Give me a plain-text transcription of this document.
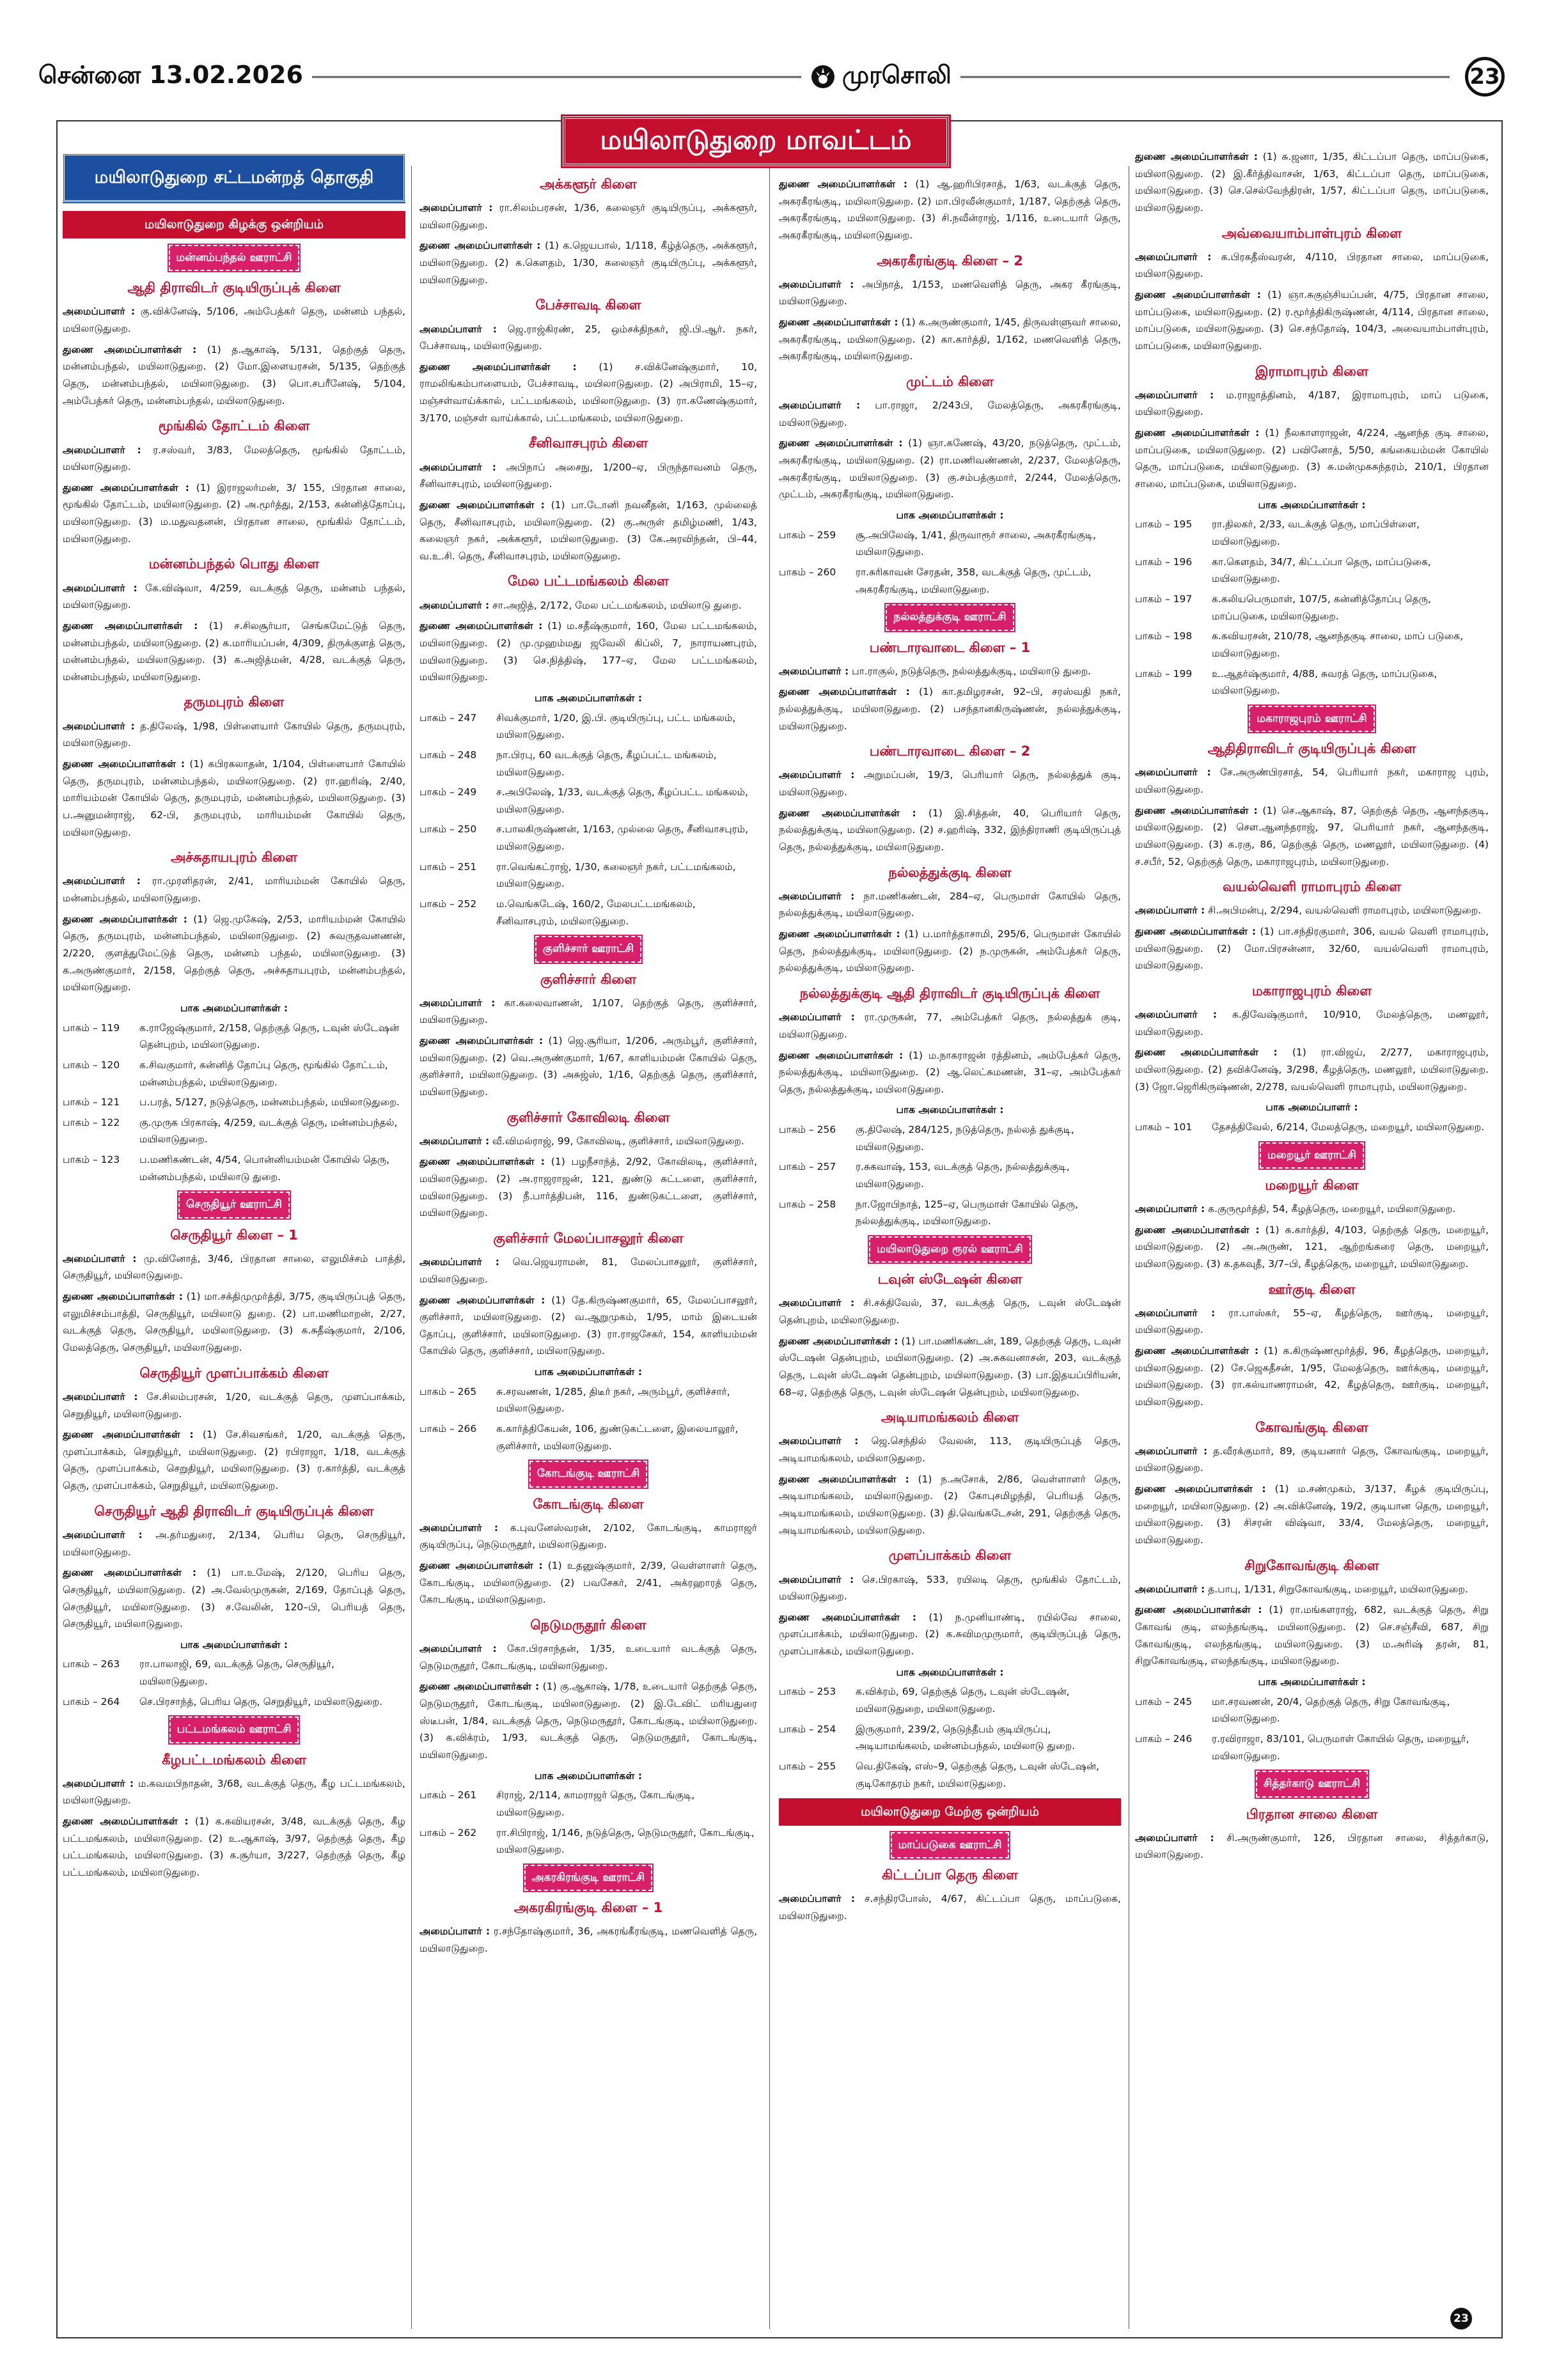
சென்னை 13.02.2026	முரசொலி	23
மயிலாடுதுறை மாவட்டம்
மயிலாடுதுறை சட்டமன்றத் தொகுதி
மயிலாடுதுறை கிழக்கு ஒன்றியம்
மன்னம்பந்தல் ஊராட்சி
ஆதி திராவிடர் குடியிருப்புக் கிளை
அமைப்பாளர் : கு.விக்னேஷ், 5/106, அம்பேத்கர் தெரு, மன்னம் பந்தல், மயிலாடுதுறை.
துணை அமைப்பாளர்கள் : (1) த.ஆகாஷ், 5/131, தெற்குத் தெரு, மன்னம்பந்தல், மயிலாடுதுறை. (2) மோ.இளையரசன், 5/135, தெற்குத் தெரு, மன்னம்பந்தல், மயிலாடுதுறை. (3) பொ.சபரீனேஷ், 5/104, அம்பேத்கர் தெரு, மன்னம்பந்தல், மயிலாடுதுறை.
மூங்கில் தோட்டம் கிளை
அமைப்பாளர் : ர.சஸ்வர், 3/83, மேலத்தெரு, மூங்கில் தோட்டம், மயிலாடுதுறை.
துணை அமைப்பாளர்கள் : (1) இராஜலர்மன், 3/ 155, பிரதான சாலை, மூங்கில் தோட்டம், மயிலாடுதுறை. (2) அ.மூர்த்து, 2/153, கன்னித்தோப்பு, மயிலாடுதுறை. (3) ம.மதுவதனன், பிரதான சாலை, மூங்கில் தோட்டம், மயிலாடுதுறை.
மன்னம்பந்தல் பொது கிளை
அமைப்பாளர் : கே.விஷ்வா, 4/259, வடக்குத் தெரு, மன்னம் பந்தல், மயிலாடுதுறை.
துணை அமைப்பாளர்கள் : (1) ச.சிலசூர்யா, செங்கமேட்டுத் தெரு, மன்னம்பந்தல், மயிலாடுதுறை. (2) க.மாரியப்பன், 4/309, திருக்குளத் தெரு, மன்னம்பந்தல், மயிலாடுதுறை. (3) க.அஜித்மன், 4/28, வடக்குத் தெரு, மன்னம்பந்தல், மயிலாடுதுறை.
தருமபுரம் கிளை
அமைப்பாளர் : த.திலேஷ், 1/98, பிள்ளையார் கோயில் தெரு, தருமபுரம், மயிலாடுதுறை.
துணை அமைப்பாளர்கள் : (1) கபிரகலாதன், 1/104, பிள்ளையார் கோயில் தெரு, தருமபுரம், மன்னம்பந்தல், மயிலாடுதுறை. (2) ரா.ஹரிஷ், 2/40, மாரியம்மன் கோயில் தெரு, தருமபுரம், மன்னம்பந்தல், மயிலாடுதுறை. (3) ப.அனுமன்ராஜ், 62-பி, தருமபுரம், மாரியம்மன் கோயில் தெரு, மயிலாடுதுறை.
அச்சுதாயபுரம் கிளை
அமைப்பாளர் : ரா.முரளிதரன், 2/41, மாரியம்மன் கோயில் தெரு, மன்னம்பந்தல், மயிலாடுதுறை.
துணை அமைப்பாளர்கள் : (1) ஜெ.முகேஷ், 2/53, மாரியம்மன் கோயில் தெரு, தருமபுரம், மன்னம்பந்தல், மயிலாடுதுறை. (2) சுவருதவனணன், 2/220, குளத்துமேட்டுத் தெரு, மன்னம் பந்தல், மயிலாடுதுறை. (3) க.அருண்குமார், 2/158, தெற்குத் தெரு, அச்சுதாயபுரம், மன்னம்பந்தல், மயிலாடுதுறை.
பாக அமைப்பாளர்கள் :
பாகம் – 119	க.ராஜேஷ்குமார், 2/158, தெற்குத் தெரு, டவுன் ஸ்டேஷன் தென்புறம், மயிலாடுதுறை.
பாகம் – 120	க.சிவகுமார், கன்னித் தோப்பு தெரு, மூங்கில் தோட்டம், மன்னம்பந்தல், மயிலாடுதுறை.
பாகம் – 121	ப.பரத், 5/127, நடுத்தெரு, மன்னம்பந்தல், மயிலாடுதுறை.
பாகம் – 122	கு.முருக பிரகாஷ், 4/259, வடக்குத் தெரு, மன்னம்பந்தல், மயிலாடுதுறை.
பாகம் – 123	ப.மணிகண்டன், 4/54, பொன்னியம்மன் கோயில் தெரு, மன்னம்பந்தல், மயிலாடு துறை.
செருதியூர் ஊராட்சி
செருதியூர் கிளை – 1
அமைப்பாளர் : மு.வினோத், 3/46, பிரதான சாலை, எலுமிச்சம் பாத்தி, செருதியூர், மயிலாடுதுறை.
துணை அமைப்பாளர்கள் : (1) மா.சக்திமுமுர்த்தி, 3/75, குடியிருப்புத் தெரு, எலுமிச்சம்பாத்தி, செருதியூர், மயிலாடு துறை. (2) பா.மணிமாறன், 2/27, வடக்குத் தெரு, செருதியூர், மயிலாடுதுறை. (3) க.சுதீஷ்குமார், 2/106, மேலத்தெரு, செருதியூர், மயிலாடுதுறை.
செருதியூர் முளப்பாக்கம் கிளை
அமைப்பாளர் : சே.சிலம்பரசன், 1/20, வடக்குத் தெரு, முளப்பாக்கம், செறுதியூர், மயிலாடுதுறை.
துணை அமைப்பாளர்கள் : (1) சே.சிவசங்கர், 1/20, வடக்குத் தெரு, முளப்பாக்கம், செறுதியூர், மயிலாடுதுறை. (2) ரபிராஜா, 1/18, வடக்குத் தெரு, முளப்பாக்கம், செறுதியூர், மயிலாடுதுறை. (3) ர.கார்த்தி, வடக்குத் தெரு, முளப்பாக்கம், செறுதியூர், மயிலாடுதுறை.
செருதியூர் ஆதி திராவிடர் குடியிருப்புக் கிளை
அமைப்பாளர் : அ.தர்மதுரை, 2/134, பெரிய தெரு, செருதியூர், மயிலாடுதுறை.
துணை அமைப்பாளர்கள் : (1) பா.உமேஷ், 2/120, பெரிய தெரு, செருதியூர், மயிலாடுதுறை. (2) அ.வேல்முருகன், 2/169, தோப்புத் தெரு, செருதியூர், மயிலாடுதுறை. (3) ச.வேலின், 120–பி, பெரியத் தெரு, செருதியூர், மயிலாடுதுறை.
பாக அமைப்பாளர்கள் :
பாகம் – 263	ரா.பாலாஜி, 69, வடக்குத் தெரு, செருதியூர், மயிலாடுதுறை.
பாகம் – 264	செ.பிரசாந்த், பெரிய தெரு, செறுதியூர், மயிலாடுதுறை.
பட்டமங்கலம் ஊராட்சி
கீழபட்டமங்கலம் கிளை
அமைப்பாளர் : ம.கவமபிநாதன், 3/68, வடக்குத் தெரு, கீழ பட்டமங்கலம், மயிலாடுதுறை.
துணை அமைப்பாளர்கள் : (1) க.கவியரசன், 3/48, வடக்குத் தெரு, கீழ பட்டமங்கலம், மயிலாடுதுறை. (2) உ.ஆகாஷ், 3/97, தெற்குத் தெரு, கீழ பட்டமங்கலம், மயிலாடுதுறை. (3) க.சூர்யா, 3/227, தெற்குத் தெரு, கீழ பட்டமங்கலம், மயிலாடுதுறை.
அக்களூர் கிளை
அமைப்பாளர் : ரா.சிலம்பரசன், 1/36, கலைஞர் குடியிருப்பு, அக்களூர், மயிலாடுதுறை.
துணை அமைப்பாளர்கள் : (1) க.ஜெயபால், 1/118, கீழ்த்தெரு, அக்களூர், மயிலாடுதுறை. (2) க.கௌதம், 1/30, கலைஞர் குடியிருப்பு, அக்களூர், மயிலாடுதுறை.
பேச்சாவடி கிளை
அமைப்பாளர் : ஜெ.ராஜ்கிரண், 25, ஒம்சக்திநகர், ஜி.பி.ஆர். நகர், பேச்சாவடி, மயிலாடுதுறை.
துணை அமைப்பாளர்கள் : (1) ச.விக்னேஷ்குமார், 10, ராமலிங்கம்பாளையம், பேச்சாவடி, மயிலாடுதுறை. (2) அபிராமி, 15–ஏ, மஞ்சள்வாய்க்கால், பட்டமங்கலம், மயிலாடுதுறை. (3) ரா.கணேஷ்குமார், 3/170, மஞ்சள் வாய்க்கால், பட்டமங்கலம், மயிலாடுதுறை.
சீனிவாசபுரம் கிளை
அமைப்பாளர் : அபிநாப் அசைநு, 1/200–ஏ, பிருந்தாவனம் தெரு, சீனிவாசபுரம், மயிலாடுதுறை.
துணை அமைப்பாளர்கள் : (1) பா.டோனி நவனீதன், 1/163, முல்லைத் தெரு, சீனிவாசபுரம், மயிலாடுதுறை. (2) கு.அருள் தமிழ்மணி, 1/43, கலைஞர் நகர், அக்களூர், மயிலாடுதுறை. (3) கே.அரவிந்தன், பி–44, வ.உ.சி. தெரு, சீனிவாசபுரம், மயிலாடுதுறை.
மேல பட்டமங்கலம் கிளை
அமைப்பாளர் : சா.அஜித், 2/172, மேல பட்டமங்கலம், மயிலாடு துறை.
துணை அமைப்பாளர்கள் : (1) ம.சதீஷ்குமார், 160, மேல பட்டமங்கலம், மயிலாடுதுறை. (2) மு.முஹம்மது ஜவேலி கிப்லி, 7, நாராயணபுரம், மயிலாடுதுறை. (3) செ.நித்திஷ், 177–ஏ, மேல பட்டமங்கலம், மயிலாடுதுறை.
பாக அமைப்பாளர்கள் :
பாகம் – 247	சிவக்குமார், 1/20, இ.பி. குடியிருப்பு, பட்ட மங்கலம், மயிலாடுதுறை.
பாகம் – 248	நா.பிரபு, 60 வடக்குத் தெரு, கீழப்பட்ட மங்கலம், மயிலாடுதுறை.
பாகம் – 249	ச.அபிலேஷ், 1/33, வடக்குத் தெரு, கீழப்பட்ட மங்கலம், மயிலாடுதுறை.
பாகம் – 250	ச.பாலகிருஷ்ணன், 1/163, முல்லை தெரு, சீனிவாசபுரம், மயிலாடுதுறை.
பாகம் – 251	ரா.வெங்கட்ராஜ், 1/30, கலைஞர் நகர், பட்டமங்கலம், மயிலாடுதுறை.
பாகம் – 252	ம.வெங்கடேஷ், 160/2, மேலபட்டமங்கலம், சீனிவாசபுரம், மயிலாடுதுறை.
குளிச்சார் ஊராட்சி
குளிச்சார் கிளை
அமைப்பாளர் : கா.கலைவாணன், 1/107, தெற்குத் தெரு, குளிச்சார், மயிலாடுதுறை.
துணை அமைப்பாளர்கள் : (1) ஜெ.சூரியா, 1/206, அரும்பூர், குளிச்சார், மயிலாடுதுறை. (2) வெ.அருண்குமார், 1/67, காளியம்மன் கோயில் தெரு, குளிச்சார், மயிலாடுதுறை. (3) அசுஜ்ஸ், 1/16, தெற்குத் தெரு, குளிச்சார், மயிலாடுதுறை.
குளிச்சார் கோவிலடி கிளை
அமைப்பாளர் : வீ.விமல்ராஜ், 99, கோவிலடி, குளிச்சார், மயிலாடுதுறை.
துணை அமைப்பாளர்கள் : (1) பழநீசாந்த், 2/92, கோவிலடி, குளிச்சார், மயிலாடுதுறை. (2) அ.ராஜராஜன், 121, துண்டு கட்டளை, குளிச்சார், மயிலாடுதுறை. (3) நீ.பார்த்திபன், 116, துண்டுகட்டளை, குளிச்சார், மயிலாடுதுறை.
குளிச்சார் மேலப்பாசலூர் கிளை
அமைப்பாளர் : வெ.ஜெயராமன், 81, மேலப்பாசலூர், குளிச்சார், மயிலாடுதுறை.
துணை அமைப்பாளர்கள் : (1) தே.கிருஷ்ணகுமார், 65, மேலப்பாசலூர், குளிச்சார், மயிலாடுதுறை. (2) வ.ஆறுமுகம், 1/95, மாம் இடையன் தோப்பு, குளிச்சார், மயிலாடுதுறை. (3) ரா.ராஜசேகர், 154, காளியம்மன் கோயில் தெரு, குளிச்சார், மயிலாடுதுறை.
பாக அமைப்பாளர்கள் :
பாகம் – 265	சு.சரவணன், 1/285, திடீர் நகர், அரும்பூர், குளிச்சார், மயிலாடுதுறை.
பாகம் – 266	க.கார்த்திகேயன், 106, துண்டுகட்டளை, இலையாலூர், குளிச்சார், மயிலாடுதுறை.
கோடங்குடி ஊராட்சி
கோடங்குடி கிளை
அமைப்பாளர் : க.புவனேஸ்வரன், 2/102, கோடங்குடி, காமராஜர் குடியிருப்பு, நெடுமருதூர், மயிலாடுதுறை.
துணை அமைப்பாளர்கள் : (1) உதனுஷ்குமார், 2/39, வெள்ளாளர் தெரு, கோடங்குடி, மயிலாடுதுறை. (2) பவசேகர், 2/41, அக்ரஹாரத் தெரு, கோடங்குடி, மயிலாடுதுறை.
நெடுமருதூர் கிளை
அமைப்பாளர் : கோ.பிரசாந்தன், 1/35, உடையார் வடக்குத் தெரு, நெடுமருதூர், கோடங்குடி, மயிலாடுதுறை.
துணை அமைப்பாளர்கள் : (1) கு.ஆகாஷ், 1/78, உடையார் தெற்குத் தெரு, நெடுமருதூர், கோடங்குடி, மயிலாடுதுறை. (2) இ.டேவிட் மரியதுரை ஸ்டீபன், 1/84, வடக்குத் தெரு, நெடுமருதூர், கோடங்குடி, மயிலாடுதுறை. (3) க.விக்ரம், 1/93, வடக்குத் தெரு, நெடுமருதூர், கோடங்குடி, மயிலாடுதுறை.
பாக அமைப்பாளர்கள் :
பாகம் – 261	சிராஜ், 2/114, காமராஜர் தெரு, கோடங்குடி, மயிலாடுதுறை.
பாகம் – 262	ரா.சிபிராஜ், 1/146, நடுத்தெரு, நெடுமருதூர், கோடங்குடி, மயிலாடுதுறை.
அகரகிரங்குடி ஊராட்சி
அகரகிரங்குடி கிளை – 1
அமைப்பாளர் : ர.சந்தோஷ்குமார், 36, அகரங்கீரங்குடி, மணவெளித் தெரு, மயிலாடுதுறை.
துணை அமைப்பாளர்கள் : (1) ஆ.ஹரிபிரசாத், 1/63, வடக்குத் தெரு, அகரகீரங்குடி, மயிலாடுதுறை. (2) மா.பிரவீன்குமார், 1/187, தெற்குத் தெரு, அகரகீரங்குடி, மயிலாடுதுறை. (3) சி.நவீன்ராஜ், 1/116, உடையார் தெரு, அகரகீரங்குடி, மயிலாடுதுறை.
அகரகீரங்குடி கிளை – 2
அமைப்பாளர் : அபிநாத், 1/153, மணவெளித் தெரு, அகர கீரங்குடி, மயிலாடுதுறை.
துணை அமைப்பாளர்கள் : (1) க.அருண்குமார், 1/45, திருவள்ளுவர் சாலை, அகரகீரங்குடி, மயிலாடுதுறை. (2) கா.கார்த்தி, 1/162, மணவெளித் தெரு, அகரகீரங்குடி, மயிலாடுதுறை.
முட்டம் கிளை
அமைப்பாளர் : பா.ராஜா, 2/243பி, மேலத்தெரு, அகரகீரங்குடி, மயிலாடுதுறை.
துணை அமைப்பாளர்கள் : (1) ஞா.கணேஷ், 43/20, நடுத்தெரு, முட்டம், அகரகீரங்குடி, மயிலாடுதுறை. (2) ரா.மணிவண்ணன், 2/237, மேலத்தெரு, அகரகீரங்குடி, மயிலாடுதுறை. (3) கு.சம்பத்குமார், 2/244, மேலத்தெரு, முட்டம், அகரகீரங்குடி, மயிலாடுதுறை.
பாக அமைப்பாளர்கள் :
பாகம் – 259	சூ.அபிலேஷ், 1/41, திருவாரூர் சாலை, அகரகீரங்குடி, மயிலாடுதுறை.
பாகம் – 260	ரா.சுரிகாவன் சேரதன், 358, வடக்குத் தெரு, முட்டம், அகரகீரங்குடி, மயிலாடுதுறை.
நல்லத்துக்குடி ஊராட்சி
பண்டாரவாடை கிளை – 1
அமைப்பாளர் : பா.ராகுல், நடுத்தெரு, நல்லத்துக்குடி, மயிலாடு துறை.
துணை அமைப்பாளர்கள் : (1) கா.தமிழரசன், 92–பி, சரஸ்வதி நகர், நல்லத்துக்குடி, மயிலாடுதுறை. (2) பசந்தானகிருஷ்ணன், நல்லத்துக்குடி, மயிலாடுதுறை.
பண்டாரவாடை கிளை – 2
அமைப்பாளர் : அறுமப்பன், 19/3, பெரியார் தெரு, நல்லத்துக் குடி, மயிலாடுதுறை.
துணை அமைப்பாளர்கள் : (1) இ.சித்தன், 40, பெரியார் தெரு, நல்லத்துக்குடி, மயிலாடுதுறை. (2) ச.ஹரிஷ், 332, இந்திராணி குடியிருப்புத் தெரு, நல்லத்துக்குடி, மயிலாடுதுறை.
நல்லத்துக்குடி கிளை
அமைப்பாளர் : நா.மணிகண்டன், 284–ஏ, பெருமாள் கோயில் தெரு, நல்லத்துக்குடி, மயிலாடுதுறை.
துணை அமைப்பாளர்கள் : (1) ப.மார்த்தாசாமி, 295/6, பெருமாள் கோயில் தெரு, நல்லத்துக்குடி, மயிலாடுதுறை. (2) ந.முருகன், அம்பேத்கர் தெரு, நல்லத்துக்குடி, மயிலாடுதுறை.
நல்லத்துக்குடி ஆதி திராவிடர் குடியிருப்புக் கிளை
அமைப்பாளர் : ரா.முருகன், 77, அம்பேத்கர் தெரு, நல்லத்துக் குடி, மயிலாடுதுறை.
துணை அமைப்பாளர்கள் : (1) ம.நாகராஜன் ரத்தினம், அம்பேத்கர் தெரு, நல்லத்துக்குடி, மயிலாடுதுறை. (2) ஆ.லெட்சுமணன், 31–ஏ, அம்பேத்கர் தெரு, நல்லத்துக்குடி, மயிலாடுதுறை.
பாக அமைப்பாளர்கள் :
பாகம் – 256	கு.திலேஷ், 284/125, நடுத்தெரு, நல்லத் துக்குடி, மயிலாடுதுறை.
பாகம் – 257	ர.சுகவாஷ், 153, வடக்குத் தெரு, நல்லத்துக்குடி, மயிலாடுதுறை.
பாகம் – 258	நா.ஜோபிநாத், 125–ஏ, பெருமாள் கோயில் தெரு, நல்லத்துக்குடி, மயிலாடுதுறை.
மயிலாடுதுறை ரூரல் ஊராட்சி
டவுன் ஸ்டேஷன் கிளை
அமைப்பாளர் : சி.சக்திவேல், 37, வடக்குத் தெரு, டவுன் ஸ்டேஷன் தென்புறம், மயிலாடுதுறை.
துணை அமைப்பாளர்கள் : (1) பா.மணிகண்டன், 189, தெற்குத் தெரு, டவுன் ஸ்டேஷன் தென்புறம், மயிலாடுதுறை. (2) அ.சுகவனாசன், 203, வடக்குத் தெரு, டவுன் ஸ்டேஷன் தென்புறம், மயிலாடுதுறை. (3) பா.இதயப்பிரியன், 68–ஏ, தெற்குத் தெரு, டவுன் ஸ்டேஷன் தென்புறம், மயிலாடுதுறை.
அடியாமங்கலம் கிளை
அமைப்பாளர் : ஜெ.செந்தில் வேலன், 113, குடியிருப்புத் தெரு, அடியாமங்கலம், மயிலாடுதுறை.
துணை அமைப்பாளர்கள் : (1) ந.அசோக், 2/86, வெள்ளாளர் தெரு, அடியாமங்கலம், மயிலாடுதுறை. (2) கோபுசமிழந்தி, பெரியத் தெரு, அடியாமங்கலம், மயிலாடுதுறை. (3) தி.வெங்கடேசன், 291, தெற்குத் தெரு, அடியாமங்கலம், மயிலாடுதுறை.
முளப்பாக்கம் கிளை
அமைப்பாளர் : செ.பிரகாஷ், 533, ரயிலடி தெரு, மூங்கில் தோட்டம், மயிலாடுதுறை.
துணை அமைப்பாளர்கள் : (1) ந.முனியாண்டி, ரயில்வே சாலை, முளப்பாக்கம், மயிலாடுதுறை. (2) க.சுவிமமுருமார், குடியிருப்புத் தெரு, முளப்பாக்கம், மயிலாடுதுறை.
பாக அமைப்பாளர்கள் :
பாகம் – 253	க.விக்ரம், 69, தெற்குத் தெரு, டவுன் ஸ்டேஷன், மயிலாடுதுறை, மயிலாடுதுறை.
பாகம் – 254	இருகுமார், 239/2, நெடுந்தீபம் குடியிருப்பு, அடியாமங்கலம், மன்னம்பந்தல், மயிலாடு துறை.
பாகம் – 255	வெ.திகேஷ், எஸ்–9, தெற்குத் தெரு, டவுன் ஸ்டேஷன், குடிகோதரம் நகர், மயிலாடுதுறை.
மயிலாடுதுறை மேற்கு ஒன்றியம்
மாப்படுகை ஊராட்சி
கிட்டப்பா தெரு கிளை
அமைப்பாளர் : ச.சந்திரபோஸ், 4/67, கிட்டப்பா தெரு, மாப்படுகை, மயிலாடுதுறை.
துணை அமைப்பாளர்கள் : (1) சு.ஜனா, 1/35, கிட்டப்பா தெரு, மாப்படுகை, மயிலாடுதுறை. (2) இ.கீர்த்திவாசன், 1/63, கிட்டப்பா தெரு, மாப்படுகை, மயிலாடுதுறை. (3) செ.செல்வேந்திரன், 1/57, கிட்டப்பா தெரு, மாப்படுகை, மயிலாடுதுறை.
அவ்வையாம்பாள்புரம் கிளை
அமைப்பாளர் : க.பிரகதீஸ்வரன், 4/110, பிரதான சாலை, மாப்படுகை, மயிலாடுதுறை.
துணை அமைப்பாளர்கள் : (1) ஞா.சுகுஞ்சியப்பன், 4/75, பிரதான சாலை, மாப்படுகை, மயிலாடுதுறை. (2) ர.மூர்த்திகிருஷ்ணன், 4/114, பிரதான சாலை, மாப்படுகை, மயிலாடுதுறை. (3) செ.சந்தோஷ், 104/3, அவையாம்பாள்புரம், மாப்படுகை, மயிலாடுதுறை.
இராமாபுரம் கிளை
அமைப்பாளர் : ம.ராஜாத்தினம், 4/187, இராமாபுரம், மாப் படுகை, மயிலாடுதுறை.
துணை அமைப்பாளர்கள் : (1) நீலகாளராஜன், 4/224, ஆனந்த குடி சாலை, மாப்படுகை, மயிலாடுதுறை. (2) பவினோத், 5/50, கங்கையம்மன் கோயில் தெரு, மாப்படுகை, மயிலாடுதுறை. (3) சு.மன்முகசுந்தரம், 210/1, பிரதான சாலை, மாப்படுகை, மயிலாடுதுறை.
பாக அமைப்பாளர்கள் :
பாகம் – 195	ரா.திலகர், 2/33, வடக்குத் தெரு, மாப்பிள்ளை, மயிலாடுதுறை.
பாகம் – 196	கா.கௌதம், 34/7, கிட்டப்பா தெரு, மாப்படுகை, மயிலாடுதுறை.
பாகம் – 197	க.கலியபெருமாள், 107/5, கன்னித்தோப்பு தெரு, மாப்படுகை, மயிலாடுதுறை.
பாகம் – 198	க.கவியரசன், 210/78, ஆனந்தகுடி சாலை, மாப் படுகை, மயிலாடுதுறை.
பாகம் – 199	உ.ஆதர்ஷ்குமார், 4/88, சுவரத் தெரு, மாப்படுகை, மயிலாடுதுறை.
மகாராஜபுரம் ஊராட்சி
ஆதிதிராவிடர் குடியிருப்புக் கிளை
அமைப்பாளர் : சே.அருண்பிரசாத், 54, பெரியார் நகர், மகாராஜ புரம், மயிலாடுதுறை.
துணை அமைப்பாளர்கள் : (1) செ.ஆகாஷ், 87, தெற்குத் தெரு, ஆனந்தகுடி, மயிலாடுதுறை. (2) சௌ.ஆனந்தராஜ், 97, பெரியார் நகர், ஆனந்தகுடி, மயிலாடுதுறை. (3) க.ரகு, 86, தெற்குத் தெரு, மணலூர், மயிலாடுதுறை. (4) ச.சபீர், 52, தெற்குத் தெரு, மகாராஜபுரம், மயிலாடுதுறை.
வயல்வெளி ராமாபுரம் கிளை
அமைப்பாளர் : சி.அபிமன்பு, 2/294, வயல்வெளி ராமாபுரம், மயிலாடுதுறை.
துணை அமைப்பாளர்கள் : (1) பா.சந்திரகுமார், 306, வயல் வெளி ராமாபுரம், மயிலாடுதுறை. (2) மோ.பிரசன்னா, 32/60, வயல்வெளி ராமாபுரம், மயிலாடுதுறை.
மகாராஜபுரம் கிளை
அமைப்பாளர் : க.திவேஷ்குமார், 10/910, மேலத்தெரு, மணலூர், மயிலாடுதுறை.
துணை அமைப்பாளர்கள் : (1) ரா.விஜய், 2/277, மகாராஜபுரம், மயிலாடுதுறை. (2) தவிக்னேஷ், 3/298, கீழத்தெரு, மணலூர், மயிலாடுதுறை. (3) ஜோ.ஜெரிகிருஷ்ணன், 2/278, வயல்வெளி ராமாபுரம், மயிலாடுதுறை.
பாக அமைப்பாளர் :
பாகம் – 101	தேசத்திவேல், 6/214, மேலத்தெரு, மறையூர், மயிலாடுதுறை.
மறையூர் ஊராட்சி
மறையூர் கிளை
அமைப்பாளர் : க.குருமூர்த்தி, 54, கீழத்தெரு, மறையூர், மயிலாடுதுறை.
துணை அமைப்பாளர்கள் : (1) க.கார்த்தி, 4/103, தெற்குத் தெரு, மறையூர், மயிலாடுதுறை. (2) அ.அருண், 121, ஆற்றங்கரை தெரு, மறையூர், மயிலாடுதுறை. (3) க.தகவுதீ, 3/7–பி, கீழத்தெரு, மறையூர், மயிலாடுதுறை.
ஊர்குடி கிளை
அமைப்பாளர் : ரா.பாஸ்கர், 55–ஏ, கீழத்தெரு, ஊர்குடி, மறையூர், மயிலாடுதுறை.
துணை அமைப்பாளர்கள் : (1) க.கிருஷ்ணமூர்த்தி, 96, கீழத்தெரு, மறையூர், மயிலாடுதுறை. (2) சே.ஜெகதீசன், 1/95, மேலத்தெரு, ஊர்க்குடி, மறையூர், மயிலாடுதுறை. (3) ரா.கல்யாணராமன், 42, கீழத்தெரு, ஊர்குடி, மறையூர், மயிலாடுதுறை.
கோவங்குடி கிளை
அமைப்பாளர் : த.வீரக்குமார், 89, குடியனார் தெரு, கோவங்குடி, மறையூர், மயிலாடுதுறை.
துணை அமைப்பாளர்கள் : (1) ம.சண்முகம், 3/137, கீழக் குடியிருப்பு, மறையூர், மயிலாடுதுறை. (2) அ.விக்னேஷ், 19/2, குடியான தெரு, மறையூர், மயிலாடுதுறை. (3) சிசரன் விஷ்வா, 33/4, மேலத்தெரு, மறையூர், மயிலாடுதுறை.
சிறுகோவங்குடி கிளை
அமைப்பாளர் : த.பாபு, 1/131, சிறுகோவங்குடி, மறையூர், மயிலாடுதுறை.
துணை அமைப்பாளர்கள் : (1) ரா.மங்களராஜ், 682, வடக்குத் தெரு, சிறு கோவங் குடி, எலந்தங்குடி, மயிலாடுதுறை. (2) செ.சஞ்சீவி, 687, சிறு கோவங்குடி, எலந்தங்குடி, மயிலாடுதுறை. (3) ம.அரிஷ் தரன், 81, சிறுகோவங்குடி, எலந்தங்குடி, மயிலாடுதுறை.
பாக அமைப்பாளர்கள் :
பாகம் – 245	மா.சரவணன், 20/4, தெற்குத் தெரு, சிறு கோவங்குடி, மயிலாடுதுறை.
பாகம் – 246	ர.ரவிராஜா, 83/101, பெருமாள் கோயில் தெரு, மறையூர், மயிலாடுதுறை.
சித்தர்காடு ஊராட்சி
பிரதான சாலை கிளை
அமைப்பாளர் : சி.அருண்குமார், 126, பிரதான சாலை, சித்தர்காடு, மயிலாடுதுறை.
23
